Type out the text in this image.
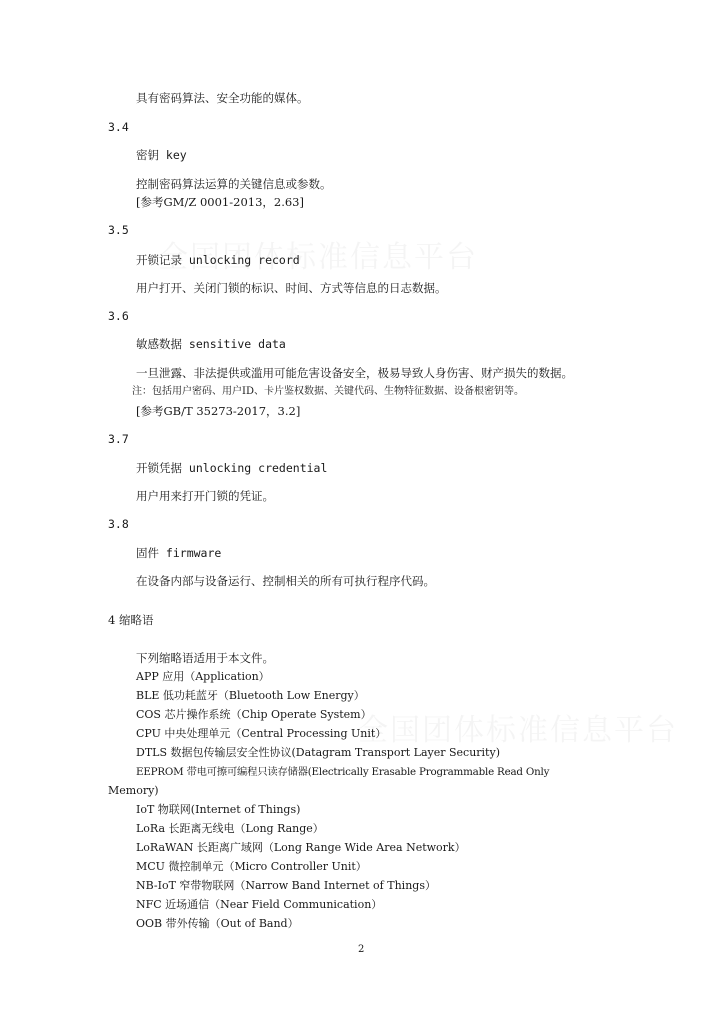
具有密码算法、安全功能的媒体。
3.4
密钥 key
控制密码算法运算的关键信息或参数。
[参考GM/Z 0001-2013，2.63]
3.5
开锁记录 unlocking record
用户打开、关闭门锁的标识、时间、方式等信息的日志数据。
3.6
敏感数据 sensitive data
一旦泄露、非法提供或滥用可能危害设备安全，极易导致人身伤害、财产损失的数据。
注：包括用户密码、用户ID、卡片鉴权数据、关键代码、生物特征数据、设备根密钥等。
[参考GB/T 35273-2017，3.2]
3.7
开锁凭据 unlocking credential
用户用来打开门锁的凭证。
3.8
固件 firmware
在设备内部与设备运行、控制相关的所有可执行程序代码。
4 缩略语
下列缩略语适用于本文件。
APP 应用（Application）
BLE 低功耗蓝牙（Bluetooth Low Energy）
COS 芯片操作系统（Chip Operate System）
CPU 中央处理单元（Central Processing Unit）
DTLS 数据包传输层安全性协议(Datagram Transport Layer Security)
EEPROM 带电可擦可编程只读存储器(Electrically Erasable Programmable Read Only
Memory)
IoT 物联网(Internet of Things)
LoRa 长距离无线电（Long Range）
LoRaWAN 长距离广域网（Long Range Wide Area Network）
MCU 微控制单元（Micro Controller Unit）
NB-IoT 窄带物联网（Narrow Band Internet of Things）
NFC 近场通信（Near Field Communication）
OOB 带外传输（Out of Band）
2
